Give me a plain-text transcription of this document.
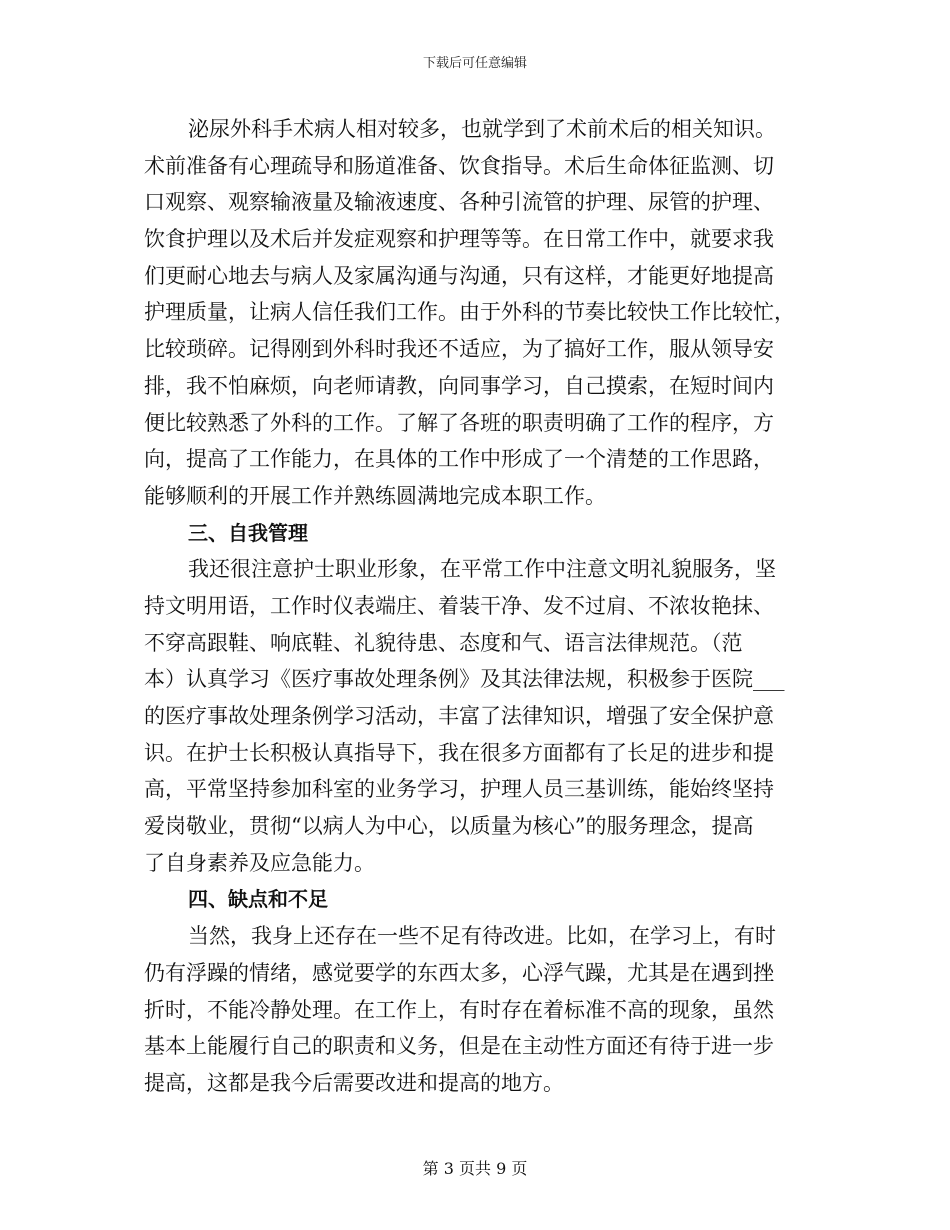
下载后可任意编辑
泌尿外科手术病人相对较多，也就学到了术前术后的相关知识。
术前准备有心理疏导和肠道准备、饮食指导。术后生命体征监测、切
口观察、观察输液量及输液速度、各种引流管的护理、尿管的护理、
饮食护理以及术后并发症观察和护理等等。在日常工作中，就要求我
们更耐心地去与病人及家属沟通与沟通，只有这样，才能更好地提高
护理质量，让病人信任我们工作。由于外科的节奏比较快工作比较忙，
比较琐碎。记得刚到外科时我还不适应，为了搞好工作，服从领导安
排，我不怕麻烦，向老师请教，向同事学习，自己摸索，在短时间内
便比较熟悉了外科的工作。了解了各班的职责明确了工作的程序，方
向，提高了工作能力，在具体的工作中形成了一个清楚的工作思路，
能够顺利的开展工作并熟练圆满地完成本职工作。
三、自我管理
我还很注意护士职业形象，在平常工作中注意文明礼貌服务，坚
持文明用语，工作时仪表端庄、着装干净、发不过肩、不浓妆艳抹、
不穿高跟鞋、响底鞋、礼貌待患、态度和气、语言法律规范。（范
本）认真学习《医疗事故处理条例》及其法律法规，积极参于医院___
的医疗事故处理条例学习活动，丰富了法律知识，增强了安全保护意
识。在护士长积极认真指导下，我在很多方面都有了长足的进步和提
高，平常坚持参加科室的业务学习，护理人员三基训练，能始终坚持
爱岗敬业，贯彻“以病人为中心，以质量为核心”的服务理念，提高
了自身素养及应急能力。
四、缺点和不足
当然，我身上还存在一些不足有待改进。比如，在学习上，有时
仍有浮躁的情绪，感觉要学的东西太多，心浮气躁，尤其是在遇到挫
折时，不能冷静处理。在工作上，有时存在着标准不高的现象，虽然
基本上能履行自己的职责和义务，但是在主动性方面还有待于进一步
提高，这都是我今后需要改进和提高的地方。
第 3 页共 9 页
